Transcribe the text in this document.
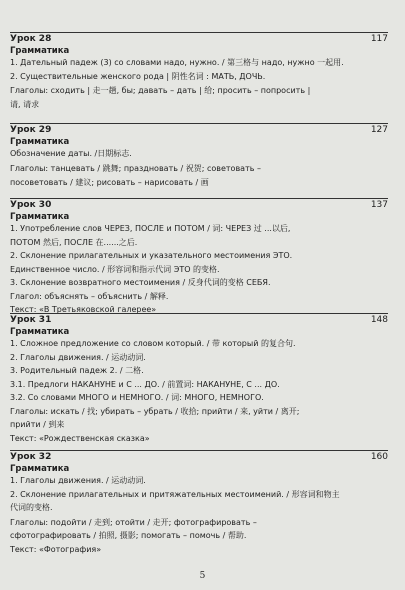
Урок 28	117
Грамматика

1. Дательный падеж (3) со словами надо, нужно. / 第三格与 надо, нужно 一起用.

2. Существительные женского рода | 阴性名词 : МАТЬ, ДОЧЬ.

Глаголы: сходить | 走一趟, бы; давать – дать | 给; просить – попросить |

请, 请求

Урок 29	127
Грамматика

Обозначение даты. /日期标志.

Глаголы: танцевать / 跳舞; праздновать / 祝贺; советовать –

посоветовать / 建议; рисовать – нарисовать / 画

Урок 30	137
Грамматика

1. Употребление слов ЧЕРЕЗ, ПОСЛЕ и ПОТОМ / 词: ЧЕРЕЗ 过 ...以后,

ПОТОМ 然后, ПОСЛЕ 在......之后.

2. Склонение прилагательных и указательного местоимения ЭТО.

Единственное число. / 形容词和指示代词 ЭТО 的变格.

3. Склонение возвратного местоимения / 反身代词的变格 СЕБЯ.

Глагол: объяснять – объяснить / 解释.

Текст: «В Третьяковской галерее»

Урок 31	148
Грамматика

1. Сложное предложение со словом который. / 带 который 的复合句.

2. Глаголы движения. / 运动动词.

3. Родительный падеж 2. / 二格.

3.1. Предлоги НАКАНУНЕ и С ... ДО. / 前置词: НАКАНУНЕ, С ... ДО.

3.2. Со словами МНОГО и НЕМНОГО. / 词: МНОГО, НЕМНОГО.

Глаголы: искать / 找; убирать – убрать / 收拾; прийти / 来, уйти / 离开;

прийти / 到来

Текст: «Рождественская сказка»

Урок 32	160
Грамматика

1. Глаголы движения. / 运动动词.

2. Склонение прилагательных и притяжательных местоимений. / 形容词和物主

代词的变格.

Глаголы: подойти / 走到; отойти / 走开; фотографировать –

сфотографировать / 拍照, 摄影; помогать – помочь / 帮助.

Текст: «Фотография»

5
